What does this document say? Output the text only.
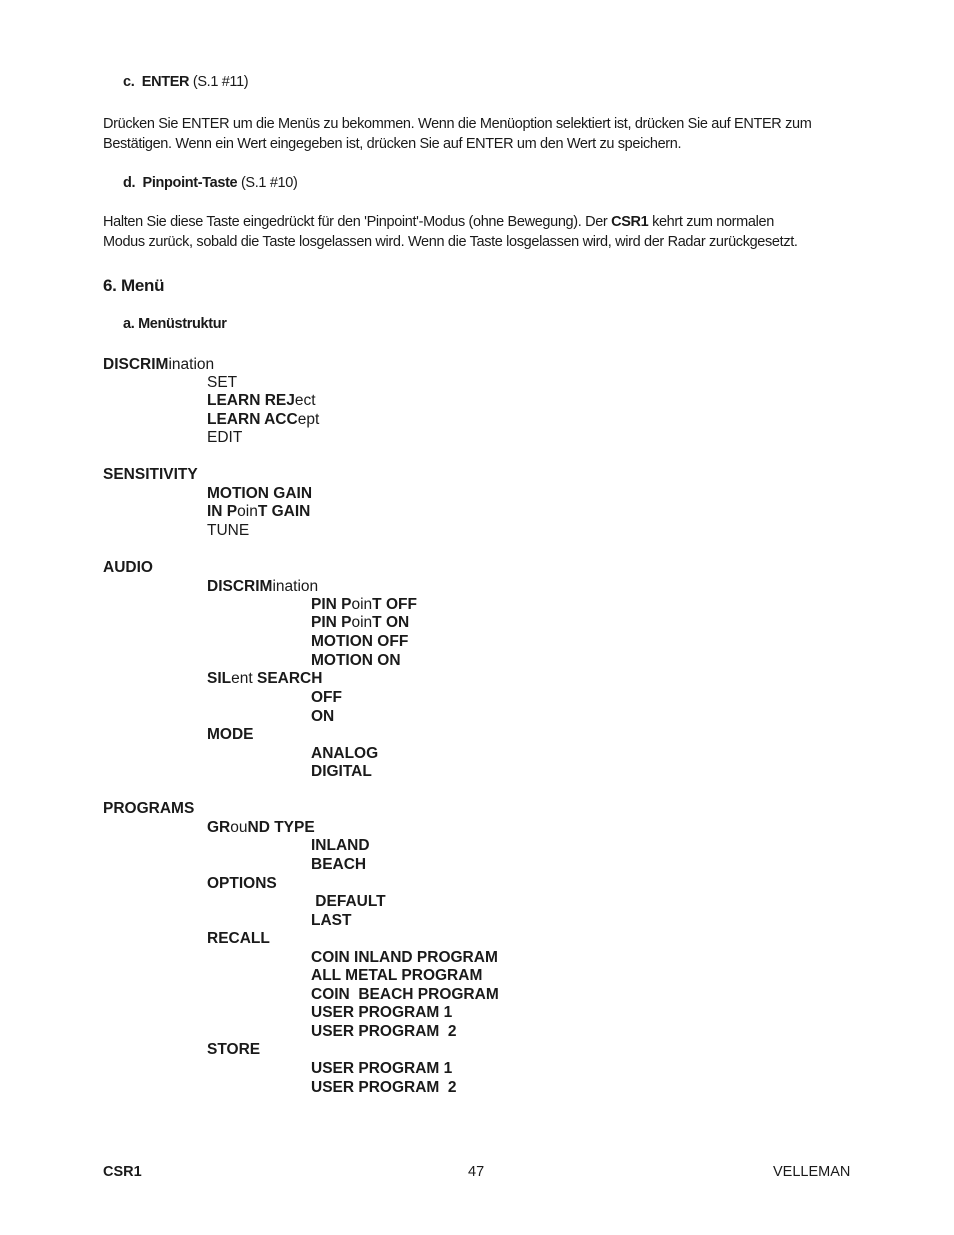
c. ENTER (S.1 #11)
Drücken Sie ENTER um die Menüs zu bekommen. Wenn die Menüoption selektiert ist, drücken Sie auf ENTER zum
Bestätigen. Wenn ein Wert eingegeben ist, drücken Sie auf ENTER um den Wert zu speichern.
d. Pinpoint-Taste (S.1 #10)
Halten Sie diese Taste eingedrückt für den 'Pinpoint'-Modus (ohne Bewegung). Der CSR1 kehrt zum normalen
Modus zurück, sobald die Taste losgelassen wird. Wenn die Taste losgelassen wird, wird der Radar zurückgesetzt.
6. Menü
a. Menüstruktur
DISCRIMination
SET
LEARN REJect
LEARN ACCept
EDIT
SENSITIVITY
MOTION GAIN
IN PoinT GAIN
TUNE
AUDIO
DISCRIMination
PIN PoinT OFF
PIN PoinT ON
MOTION OFF
MOTION ON
SILent SEARCH
OFF
ON
MODE
ANALOG
DIGITAL
PROGRAMS
GRouND TYPE
INLAND
BEACH
OPTIONS
DEFAULT
LAST
RECALL
COIN INLAND PROGRAM
ALL METAL PROGRAM
COIN  BEACH PROGRAM
USER PROGRAM 1
USER PROGRAM  2
STORE
USER PROGRAM 1
USER PROGRAM  2
CSR1	47	VELLEMAN
